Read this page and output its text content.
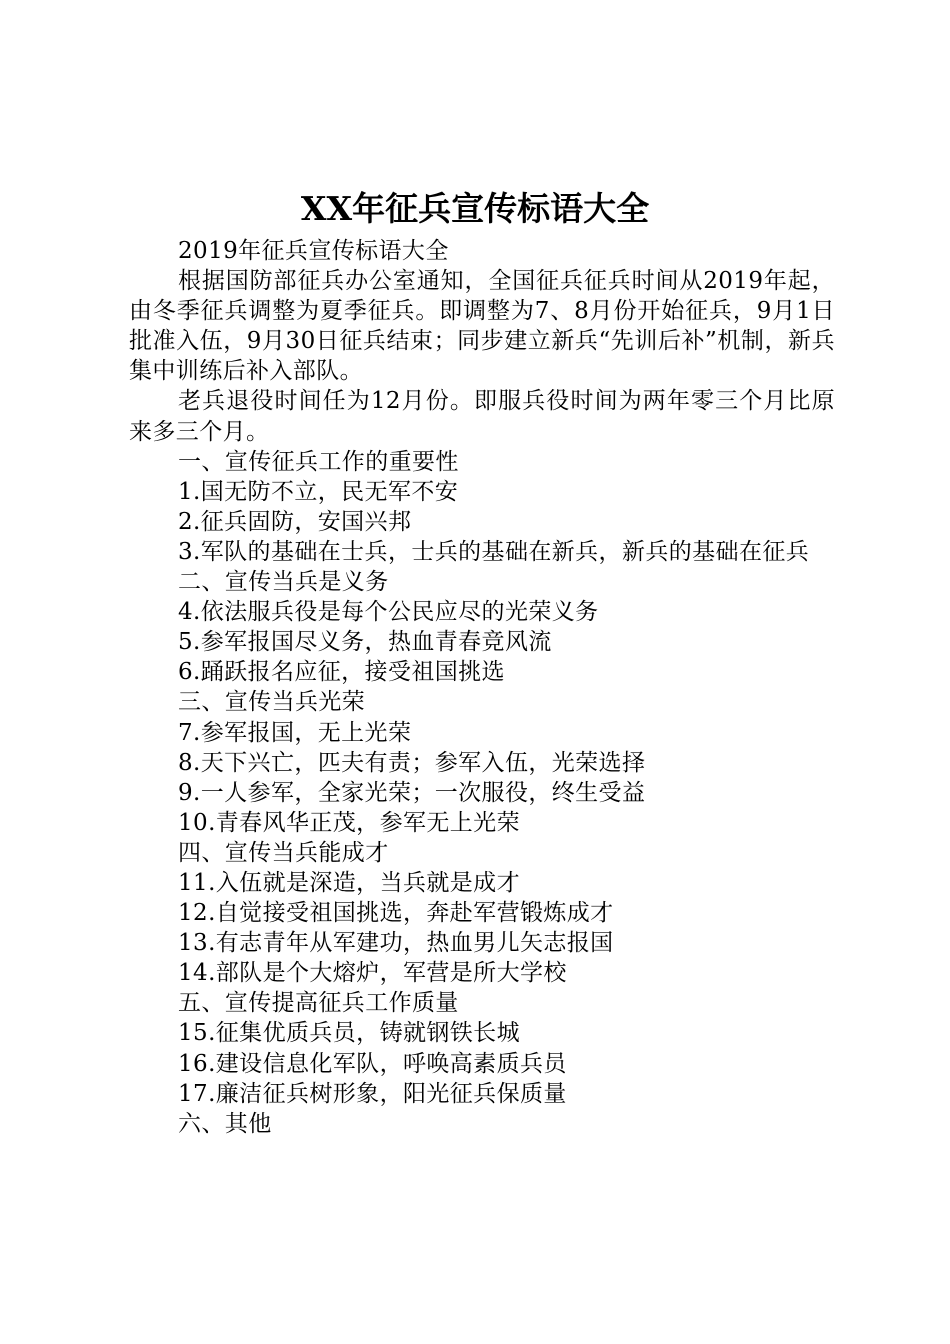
XX年征兵宣传标语大全

2019年征兵宣传标语大全

根据国防部征兵办公室通知，全国征兵征兵时间从2019年起，由冬季征兵调整为夏季征兵。即调整为7、8月份开始征兵，9月1日批准入伍，9月30日征兵结束；同步建立新兵“先训后补”机制，新兵集中训练后补入部队。

老兵退役时间任为12月份。即服兵役时间为两年零三个月比原来多三个月。

一、宣传征兵工作的重要性

1.国无防不立，民无军不安

2.征兵固防，安国兴邦

3.军队的基础在士兵，士兵的基础在新兵，新兵的基础在征兵

二、宣传当兵是义务

4.依法服兵役是每个公民应尽的光荣义务

5.参军报国尽义务，热血青春竞风流

6.踊跃报名应征，接受祖国挑选

三、宣传当兵光荣

7.参军报国，无上光荣

8.天下兴亡，匹夫有责；参军入伍，光荣选择

9.一人参军，全家光荣；一次服役，终生受益

10.青春风华正茂，参军无上光荣

四、宣传当兵能成才

11.入伍就是深造，当兵就是成才

12.自觉接受祖国挑选，奔赴军营锻炼成才

13.有志青年从军建功，热血男儿矢志报国

14.部队是个大熔炉，军营是所大学校

五、宣传提高征兵工作质量

15.征集优质兵员，铸就钢铁长城

16.建设信息化军队，呼唤高素质兵员

17.廉洁征兵树形象，阳光征兵保质量

六、其他
